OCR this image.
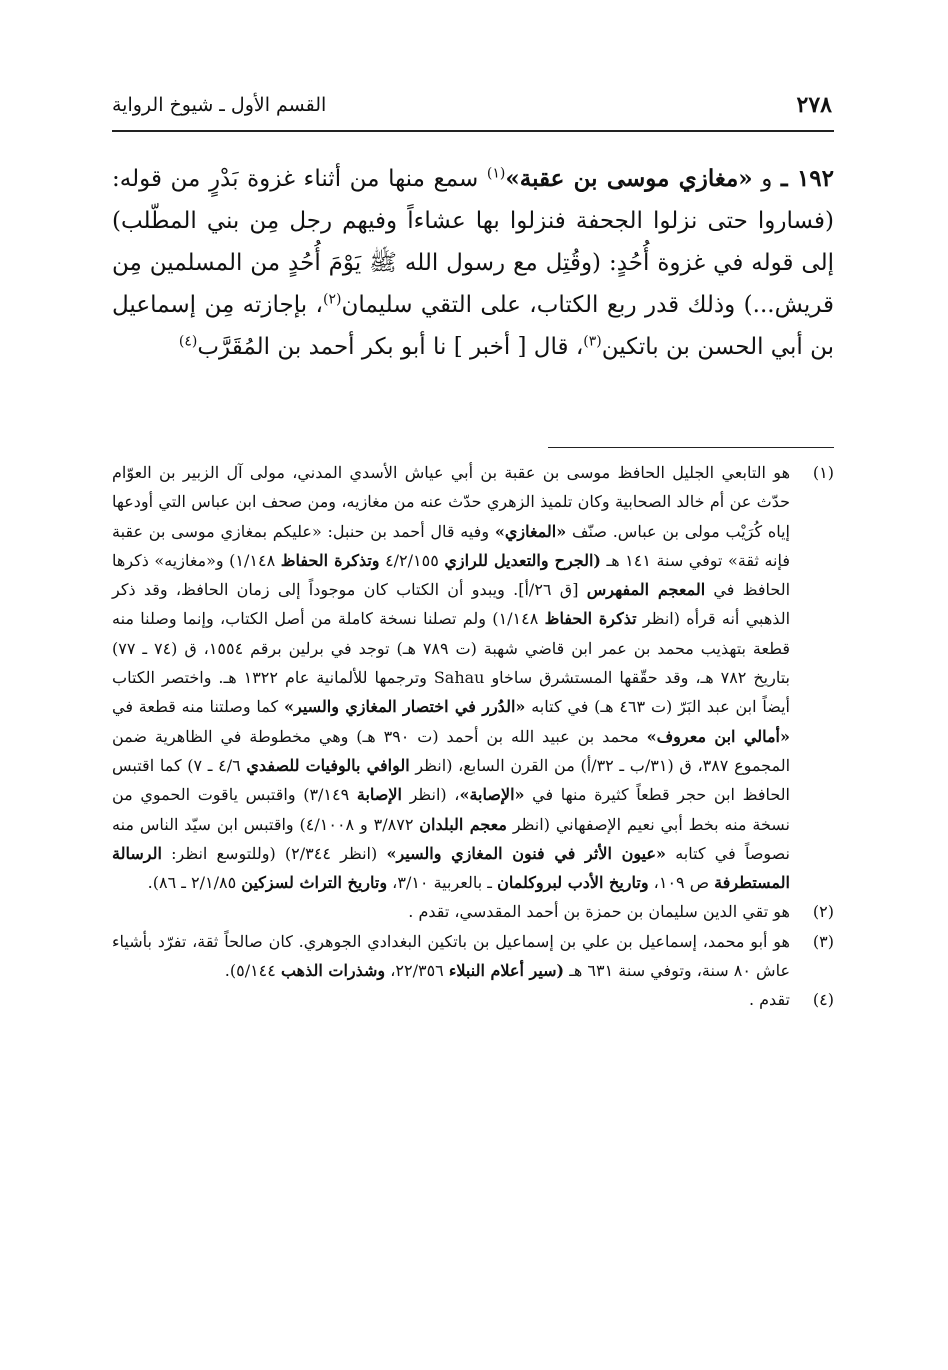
٢٧٨
القسم الأول ـ شيوخ الرواية

١٩٢ ـ و «مغازي موسى بن عقبة»$^{(١)}$ سمع منها من أثناء غزوة بَدْرٍ من قوله: (فساروا حتى نزلوا الجحفة فنزلوا بها عشاءاً وفيهم رجل مِن بني المطّلب) إلى قوله في غزوة أُحُدٍ: (وقُتِل مع رسول الله ﷺ يَوْمَ أُحُدٍ من المسلمين مِن قريش...) وذلك قدر ربع الكتاب، على التقي سليمان$^{(٢)}$، بإجازته مِن إسماعيل بن أبي الحسن بن باتكين$^{(٣)}$، قال [ أخبر ] نا أبو بكر أحمد بن المُقَرَّب$^{(٤)}$

(١)
هو التابعي الجليل الحافظ موسى بن عقبة بن أبي عياش الأسدي المدني، مولى آل الزبير بن العوّام حدّث عن أم خالد الصحابية وكان تلميذ الزهري حدّث عنه من مغازيه، ومن صحف ابن عباس التي أودعها إياه كُرَيْب مولى بن عباس. صنّف «المغازي» وفيه قال أحمد بن حنبل: «عليكم بمغازي موسى بن عقبة فإنه ثقة» توفي سنة ١٤١ هـ (الجرح والتعديل للرازي ٤/٢/١٥٥ وتذكرة الحفاظ ١/١٤٨) و«مغازيه» ذكرها الحافظ في المعجم المفهرس [ق ٢٦/أ]. ويبدو أن الكتاب كان موجوداً إلى زمان الحافظ، وقد ذكر الذهبي أنه قرأه (انظر تذكرة الحفاظ ١/١٤٨) ولم تصلنا نسخة كاملة من أصل الكتاب، وإنما وصلنا منه قطعة بتهذيب محمد بن عمر ابن قاضي شهبة (ت ٧٨٩ هـ) توجد في برلين برقم ١٥٥٤، ق (٧٤ ـ ٧٧) بتاريخ ٧٨٢ هـ، وقد حقّقها المستشرق ساخاو Sahau وترجمها للألمانية عام ١٣٢٢ هـ. واختصر الكتاب أيضاً ابن عبد البَرّ (ت ٤٦٣ هـ) في كتابه «الدُرر في اختصار المغازي والسير» كما وصلتنا منه قطعة في «أمالي ابن معروف» محمد بن عبيد الله بن أحمد (ت ٣٩٠ هـ) وهي مخطوطة في الظاهرية ضمن المجموع ٣٨٧، ق (٣١/ب ـ ٣٢/أ) من القرن السابع، (انظر الوافي بالوفيات للصفدي ٤/٦ ـ ٧) كما اقتبس الحافظ ابن حجر قطعاً كثيرة منها في «الإصابة»، (انظر الإصابة ٣/١٤٩) واقتبس ياقوت الحموي من نسخة منه بخط أبي نعيم الإصفهاني (انظر معجم البلدان ٣/٨٧٢ و ٤/١٠٠٨) واقتبس ابن سيّد الناس منه نصوصاً في كتابه «عيون الأثر في فنون المغازي والسير» (انظر ٢/٣٤٤) (وللتوسع انظر: الرسالة المستطرفة ص ١٠٩، وتاريخ الأدب لبروكلمان ـ بالعربية ٣/١٠، وتاريخ التراث لسزكين ٢/١/٨٥ ـ ٨٦).

(٢)
هو تقي الدين سليمان بن حمزة بن أحمد المقدسي، تقدم .

(٣)
هو أبو محمد، إسماعيل بن علي بن إسماعيل بن باتكين البغدادي الجوهري. كان صالحاً ثقة، تفرّد بأشياء عاش ٨٠ سنة، وتوفي سنة ٦٣١ هـ (سير أعلام النبلاء ٢٢/٣٥٦، وشذرات الذهب ٥/١٤٤).

(٤)
تقدم .
